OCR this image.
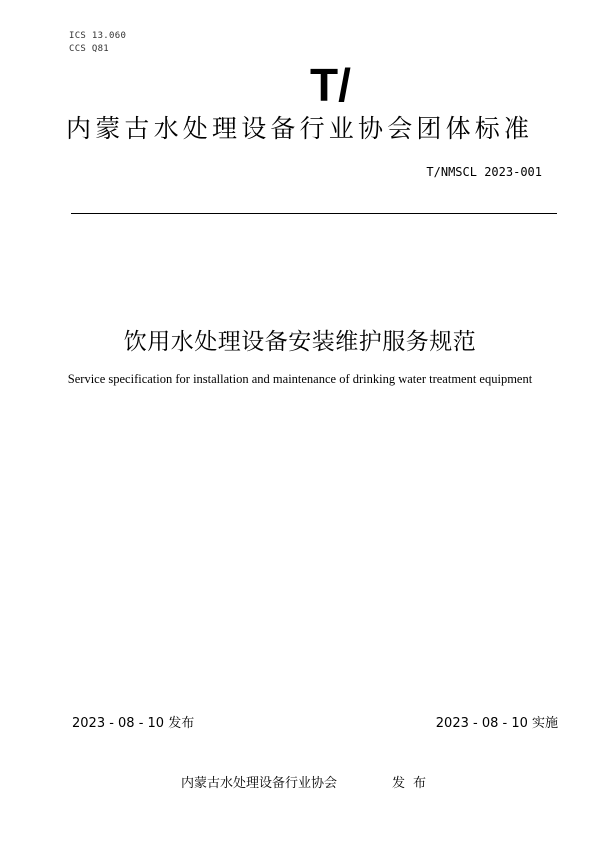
ICS 13.060
CCS Q81
T/
内蒙古水处理设备行业协会团体标准
T/NMSCL 2023-001
饮用水处理设备安装维护服务规范
Service specification for installation and maintenance of drinking water treatment equipment
2023 - 08 - 10 发布	2023 - 08 - 10 实施
内蒙古水处理设备行业协会	发布
